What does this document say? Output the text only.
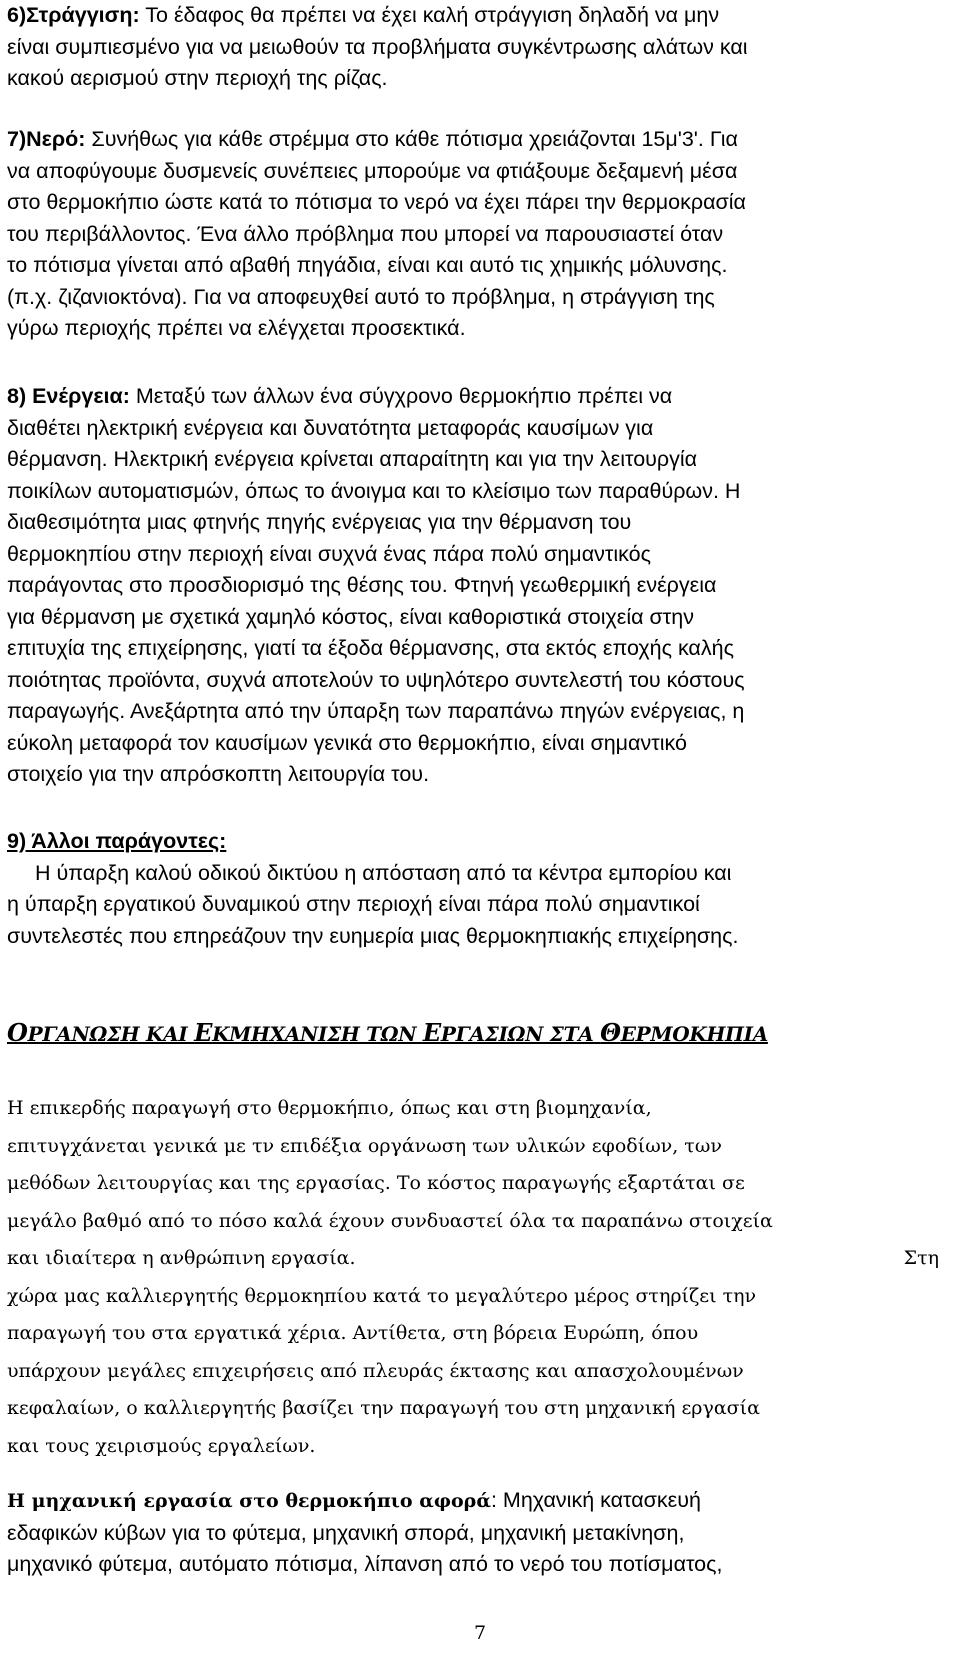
6)Στράγγιση: Το έδαφος θα πρέπει να έχει καλή στράγγιση δηλαδή να μην
είναι συμπιεσμένο για να μειωθούν τα προβλήματα συγκέντρωσης αλάτων και
κακού αερισμού στην περιοχή της ρίζας.
7)Νερό: Συνήθως για κάθε στρέμμα στο κάθε πότισμα χρειάζονται 15μ'3'. Για
να αποφύγουμε δυσμενείς συνέπειες μπορούμε να φτιάξουμε δεξαμενή μέσα
στο θερμοκήπιο ώστε κατά το πότισμα το νερό να έχει πάρει την θερμοκρασία
του περιβάλλοντος. Ένα άλλο πρόβλημα που μπορεί να παρουσιαστεί όταν
το πότισμα γίνεται από αβαθή πηγάδια, είναι και αυτό τις χημικής μόλυνσης.
(π.χ. ζιζανιοκτόνα). Για να αποφευχθεί αυτό το πρόβλημα, η στράγγιση της
γύρω περιοχής πρέπει να ελέγχεται προσεκτικά.
8) Ενέργεια: Μεταξύ των άλλων ένα σύγχρονο θερμοκήπιο πρέπει να
διαθέτει ηλεκτρική ενέργεια και δυνατότητα μεταφοράς καυσίμων για
θέρμανση. Ηλεκτρική ενέργεια κρίνεται απαραίτητη και για την λειτουργία
ποικίλων αυτοματισμών, όπως το άνοιγμα και το κλείσιμο των παραθύρων. Η
διαθεσιμότητα μιας φτηνής πηγής ενέργειας για την θέρμανση του
θερμοκηπίου στην περιοχή είναι συχνά ένας πάρα πολύ σημαντικός
παράγοντας στο προσδιορισμό της θέσης του. Φτηνή γεωθερμική ενέργεια
για θέρμανση με σχετικά χαμηλό κόστος, είναι καθοριστικά στοιχεία στην
επιτυχία της επιχείρησης, γιατί τα έξοδα θέρμανσης, στα εκτός εποχής καλής
ποιότητας προϊόντα, συχνά αποτελούν το υψηλότερο συντελεστή του κόστους
παραγωγής. Ανεξάρτητα από την ύπαρξη των παραπάνω πηγών ενέργειας, η
εύκολη μεταφορά τον καυσίμων γενικά στο θερμοκήπιο, είναι σημαντικό
στοιχείο για την απρόσκοπτη λειτουργία του.
9) Άλλοι παράγοντες:
Η ύπαρξη καλού οδικού δικτύου η απόσταση από τα κέντρα εμπορίου και
η ύπαρξη εργατικού δυναμικού στην περιοχή είναι πάρα πολύ σημαντικοί
συντελεστές που επηρεάζουν την ευημερία μιας θερμοκηπιακής επιχείρησης.
ΟΡΓΑΝΩΣΗ ΚΑΙ ΕΚΜΗΧΑΝΙΣΗ ΤΩΝ ΕΡΓΑΣΙΩΝ ΣΤΑ ΘΕΡΜΟΚΗΠΙΑ
Η επικερδής παραγωγή στο θερμοκήπιο, όπως και στη βιομηχανία,
επιτυγχάνεται γενικά με τν επιδέξια οργάνωση των υλικών εφοδίων, των
μεθόδων λειτουργίας και της εργασίας. Το κόστος παραγωγής εξαρτάται σε
μεγάλο βαθμό από το πόσο καλά έχουν συνδυαστεί όλα τα παραπάνω στοιχεία
και ιδιαίτερα η ανθρώπινη εργασία.	Στη
χώρα μας καλλιεργητής θερμοκηπίου κατά το μεγαλύτερο μέρος στηρίζει την
παραγωγή του στα εργατικά χέρια. Αντίθετα, στη βόρεια Ευρώπη, όπου
υπάρχουν μεγάλες επιχειρήσεις από πλευράς έκτασης και απασχολουμένων
κεφαλαίων, ο καλλιεργητής βασίζει την παραγωγή του στη μηχανική εργασία
και τους χειρισμούς εργαλείων.
Η μηχανική εργασία στο θερμοκήπιο αφορά: Μηχανική κατασκευή
εδαφικών κύβων για το φύτεμα, μηχανική σπορά, μηχανική μετακίνηση,
μηχανικό φύτεμα, αυτόματο πότισμα, λίπανση από το νερό του ποτίσματος,
7
